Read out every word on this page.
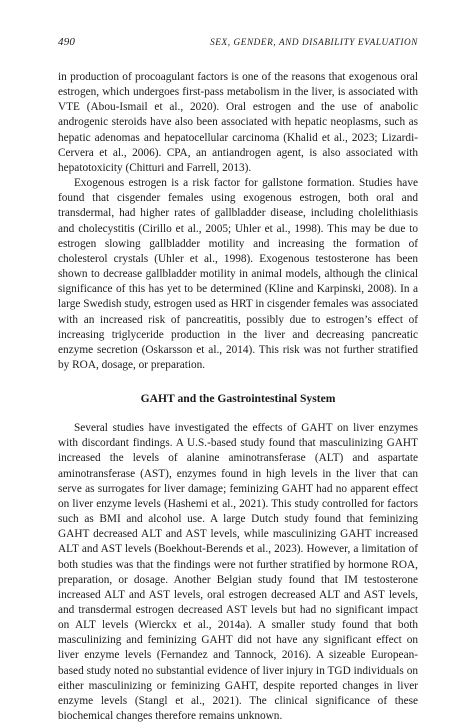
490	SEX, GENDER, AND DISABILITY EVALUATION

in production of procoagulant factors is one of the reasons that exogenous oral estrogen, which undergoes first-pass metabolism in the liver, is associated with VTE (Abou-Ismail et al., 2020). Oral estrogen and the use of anabolic androgenic steroids have also been associated with hepatic neoplasms, such as hepatic adenomas and hepatocellular carcinoma (Khalid et al., 2023; Lizardi-Cervera et al., 2006). CPA, an antiandrogen agent, is also associated with hepatotoxicity (Chitturi and Farrell, 2013).

Exogenous estrogen is a risk factor for gallstone formation. Studies have found that cisgender females using exogenous estrogen, both oral and transdermal, had higher rates of gallbladder disease, including cholelithiasis and cholecystitis (Cirillo et al., 2005; Uhler et al., 1998). This may be due to estrogen slowing gallbladder motility and increasing the formation of cholesterol crystals (Uhler et al., 1998). Exogenous testosterone has been shown to decrease gallbladder motility in animal models, although the clinical significance of this has yet to be determined (Kline and Karpinski, 2008). In a large Swedish study, estrogen used as HRT in cisgender females was associated with an increased risk of pancreatitis, possibly due to estrogen’s effect of increasing triglyceride production in the liver and decreasing pancreatic enzyme secretion (Oskarsson et al., 2014). This risk was not further stratified by ROA, dosage, or preparation.

GAHT and the Gastrointestinal System

Several studies have investigated the effects of GAHT on liver enzymes with discordant findings. A U.S.-based study found that masculinizing GAHT increased the levels of alanine aminotransferase (ALT) and aspartate aminotransferase (AST), enzymes found in high levels in the liver that can serve as surrogates for liver damage; feminizing GAHT had no apparent effect on liver enzyme levels (Hashemi et al., 2021). This study controlled for factors such as BMI and alcohol use. A large Dutch study found that feminizing GAHT decreased ALT and AST levels, while masculinizing GAHT increased ALT and AST levels (Boekhout-Berends et al., 2023). However, a limitation of both studies was that the findings were not further stratified by hormone ROA, preparation, or dosage. Another Belgian study found that IM testosterone increased ALT and AST levels, oral estrogen decreased ALT and AST levels, and transdermal estrogen decreased AST levels but had no significant impact on ALT levels (Wierckx et al., 2014a). A smaller study found that both masculinizing and feminizing GAHT did not have any significant effect on liver enzyme levels (Fernandez and Tannock, 2016). A sizeable European-based study noted no substantial evidence of liver injury in TGD individuals on either masculinizing or feminizing GAHT, despite reported changes in liver enzyme levels (Stangl et al., 2021). The clinical significance of these biochemical changes therefore remains unknown.
